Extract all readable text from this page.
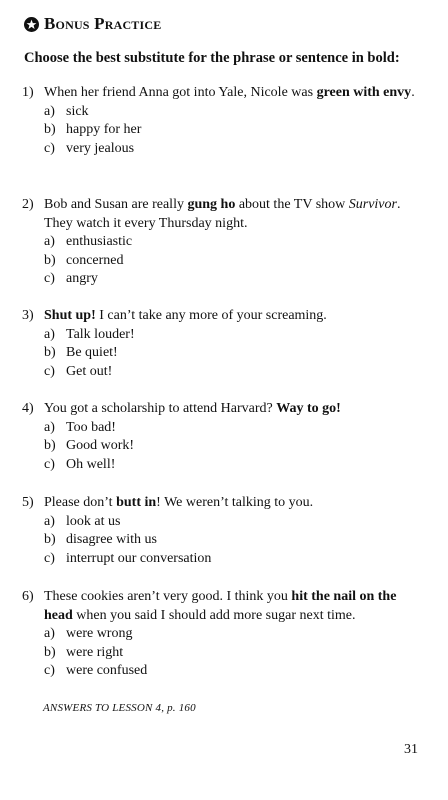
Bonus Practice
Choose the best substitute for the phrase or sentence in bold:
1) When her friend Anna got into Yale, Nicole was green with envy.
a) sick
b) happy for her
c) very jealous
2) Bob and Susan are really gung ho about the TV show Survivor. They watch it every Thursday night.
a) enthusiastic
b) concerned
c) angry
3) Shut up! I can’t take any more of your screaming.
a) Talk louder!
b) Be quiet!
c) Get out!
4) You got a scholarship to attend Harvard? Way to go!
a) Too bad!
b) Good work!
c) Oh well!
5) Please don’t butt in! We weren’t talking to you.
a) look at us
b) disagree with us
c) interrupt our conversation
6) These cookies aren’t very good. I think you hit the nail on the head when you said I should add more sugar next time.
a) were wrong
b) were right
c) were confused
ANSWERS TO LESSON 4, p. 160
31
